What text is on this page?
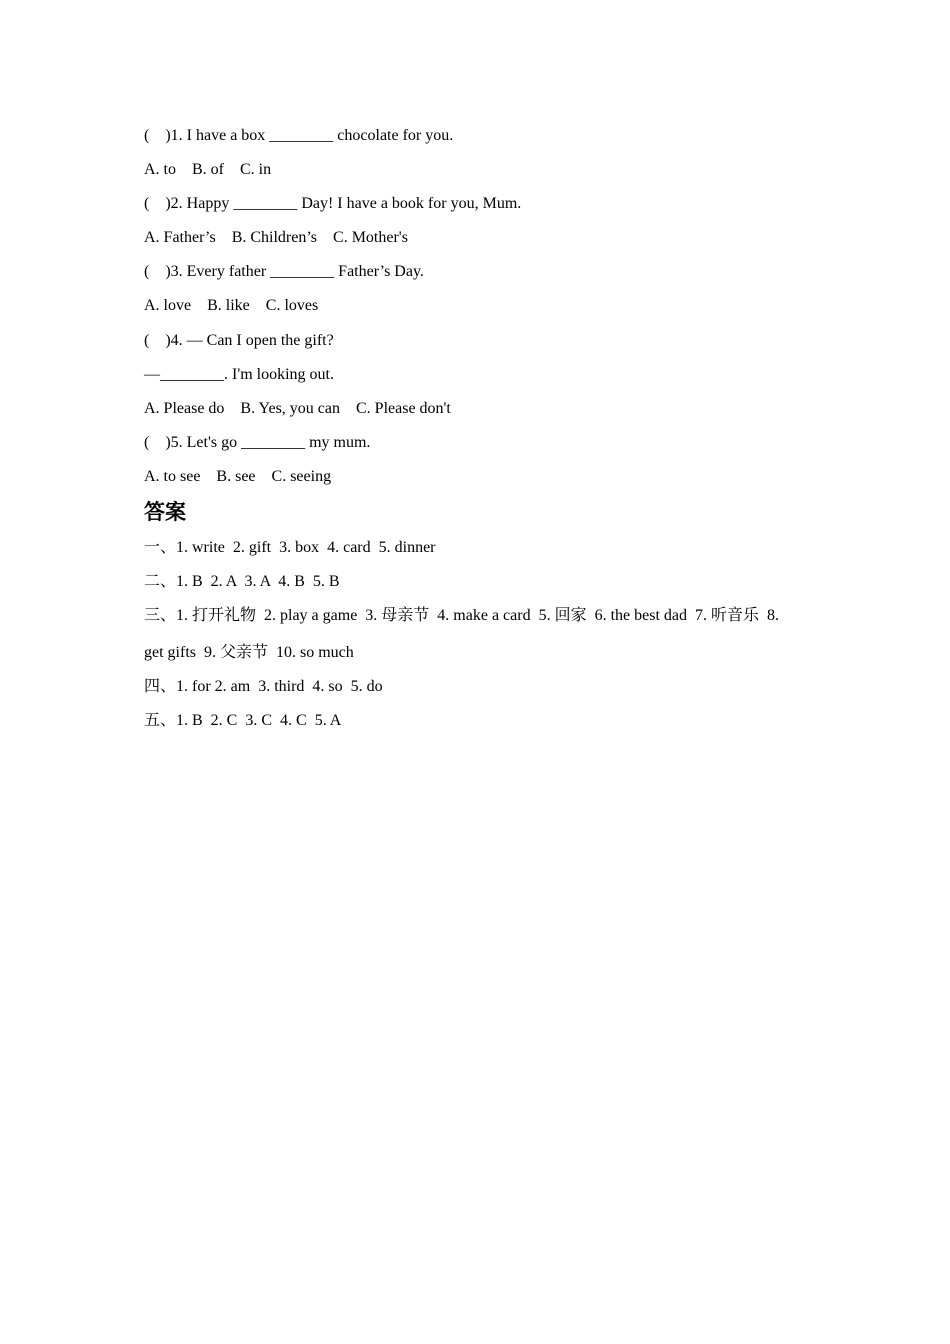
(    )1. I have a box ________ chocolate for you.
A. to    B. of    C. in
(    )2. Happy ________ Day! I have a book for you, Mum.
A. Father’s    B. Children’s    C. Mother's
(    )3. Every father ________ Father’s Day.
A. love    B. like    C. loves
(    )4. — Can I open the gift?
—________. I'm looking out.
A. Please do    B. Yes, you can    C. Please don't
(    )5. Let's go ________ my mum.
A. to see    B. see    C. seeing
答案
一、1. write  2. gift  3. box  4. card  5. dinner
二、1. B  2. A  3. A  4. B  5. B
三、1. 打开礼物  2. play a game  3. 母亲节  4. make a card  5. 回家  6. the best dad  7. 听音乐  8.
get gifts  9. 父亲节  10. so much
四、1. for 2. am  3. third  4. so  5. do
五、1. B  2. C  3. C  4. C  5. A
